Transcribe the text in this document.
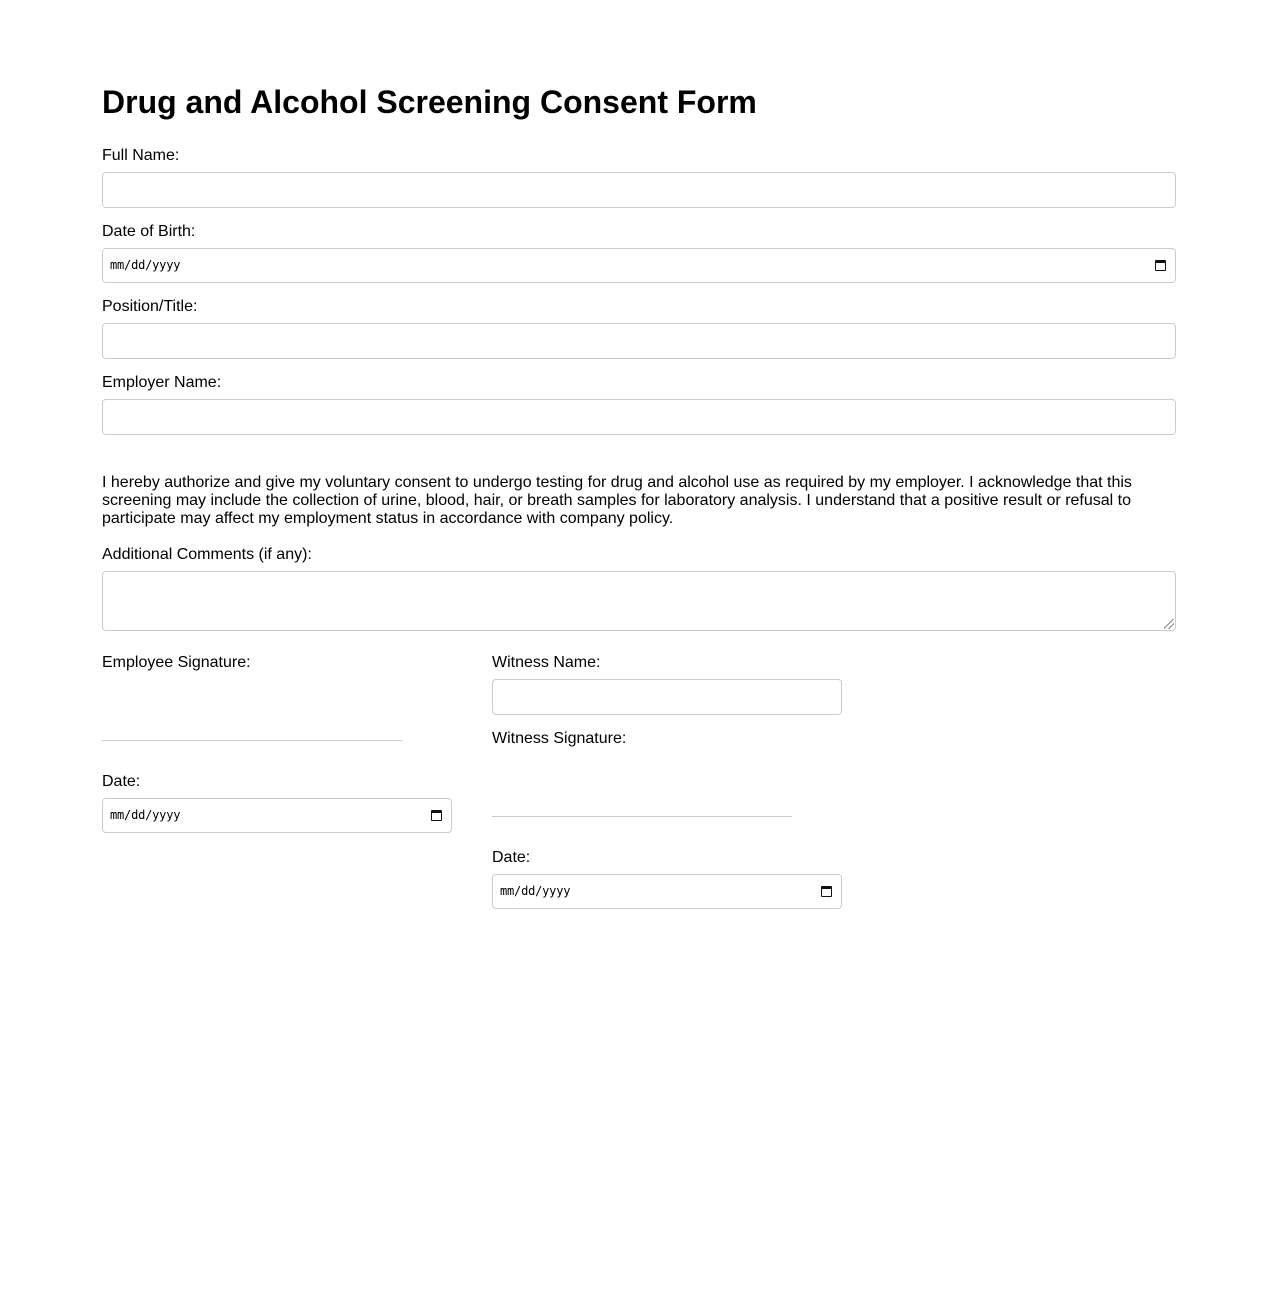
Drug and Alcohol Screening Consent Form
Full Name:
Date of Birth:
mm/dd/yyyy
Position/Title:
Employer Name:

I hereby authorize and give my voluntary consent to undergo testing for drug and alcohol use as required by my employer. I acknowledge that this screening may include the collection of urine, blood, hair, or breath samples for laboratory analysis. I understand that a positive result or refusal to participate may affect my employment status in accordance with company policy.

Additional Comments (if any):
Employee Signature:
Date:
mm/dd/yyyy
Witness Name:
Witness Signature:
Date:
mm/dd/yyyy
